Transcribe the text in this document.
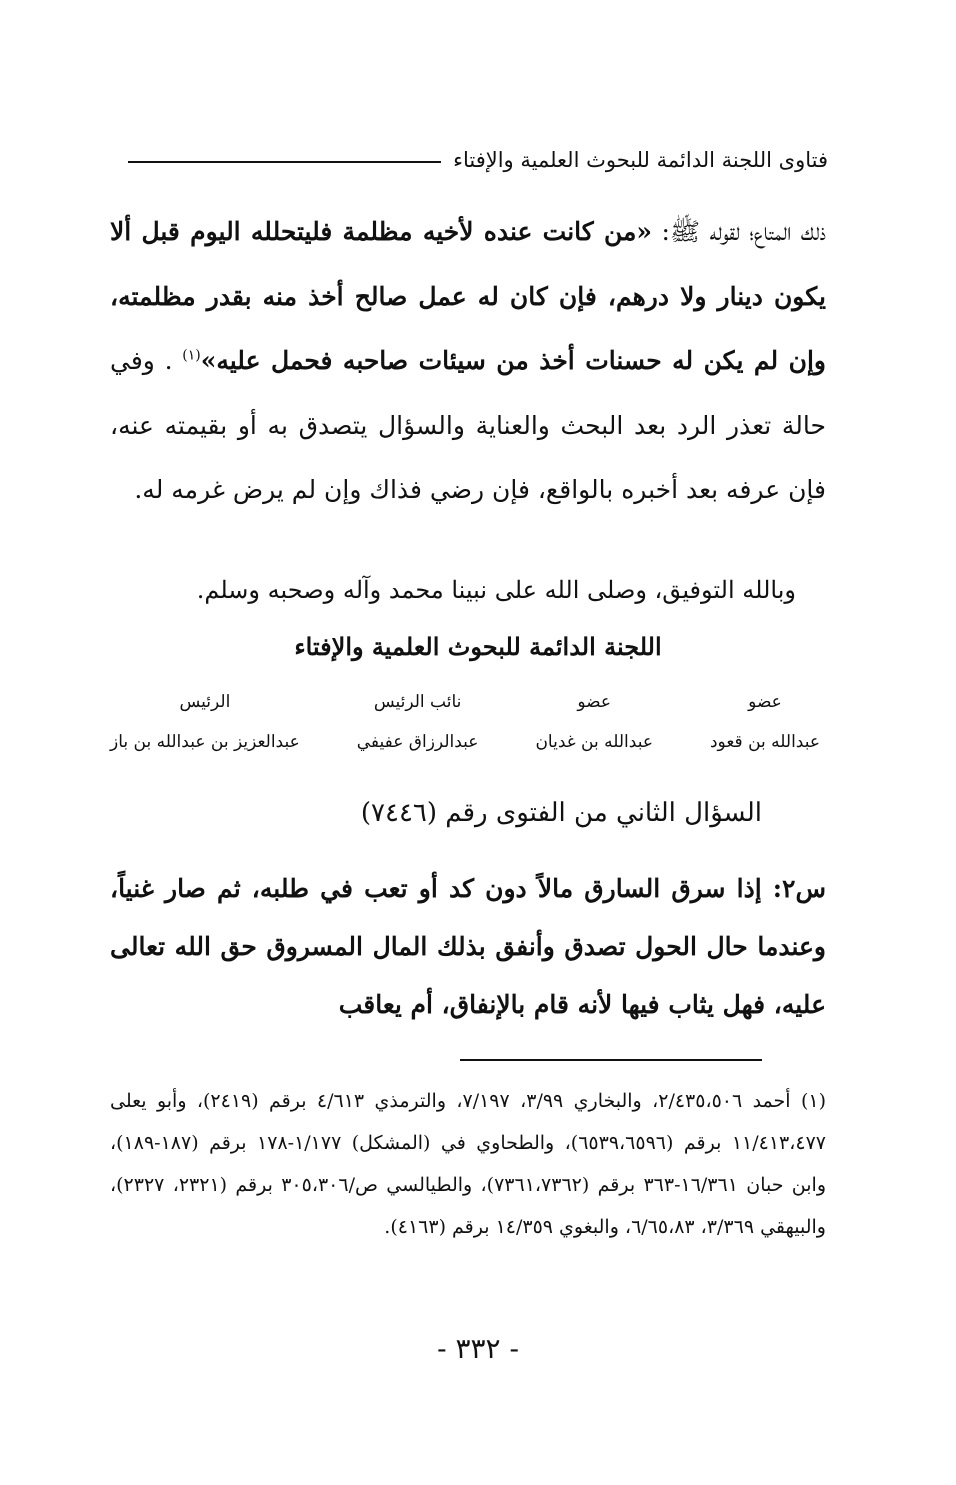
فتاوى اللجنة الدائمة للبحوث العلمية والإفتاء
ذلك المتاع؛ لقوله ﷺ: «من كانت عنده لأخيه مظلمة فليتحلله اليوم قبل ألا يكون دينار ولا درهم، فإن كان له عمل صالح أخذ منه بقدر مظلمته، وإن لم يكن له حسنات أخذ من سيئات صاحبه فحمل عليه»$^{(١)}$ . وفي حالة تعذر الرد بعد البحث والعناية والسؤال يتصدق به أو بقيمته عنه، فإن عرفه بعد أخبره بالواقع، فإن رضي فذاك وإن لم يرض غرمه له.
وبالله التوفيق، وصلى الله على نبينا محمد وآله وصحبه وسلم.
اللجنة الدائمة للبحوث العلمية والإفتاء
عضو
عبدالله بن قعود
عضو
عبدالله بن غديان
نائب الرئيس
عبدالرزاق عفيفي
الرئيس
عبدالعزيز بن عبدالله بن باز
السؤال الثاني من الفتوى رقم (٧٤٤٦)
س٢: إذا سرق السارق مالاً دون كد أو تعب في طلبه، ثم صار غنياً، وعندما حال الحول تصدق وأنفق بذلك المال المسروق حق الله تعالى عليه، فهل يثاب فيها لأنه قام بالإنفاق، أم يعاقب
(١) أحمد ٢/٤٣٥،٥٠٦، والبخاري ٣/٩٩، ٧/١٩٧، والترمذي ٤/٦١٣ برقم (٢٤١٩)، وأبو يعلى ١١/٤١٣،٤٧٧ برقم (٦٥٣٩،٦٥٩٦)، والطحاوي في (المشكل) ١/١٧٧-١٧٨ برقم (١٨٧-١٨٩)، وابن حبان ١٦/٣٦١-٣٦٣ برقم (٧٣٦١،٧٣٦٢)، والطيالسي ص/٣٠٥،٣٠٦ برقم (٢٣٢١، ٢٣٢٧)، والبيهقي ٣/٣٦٩، ٦/٦٥،٨٣، والبغوي ١٤/٣٥٩ برقم (٤١٦٣).
- ٣٣٢ -
